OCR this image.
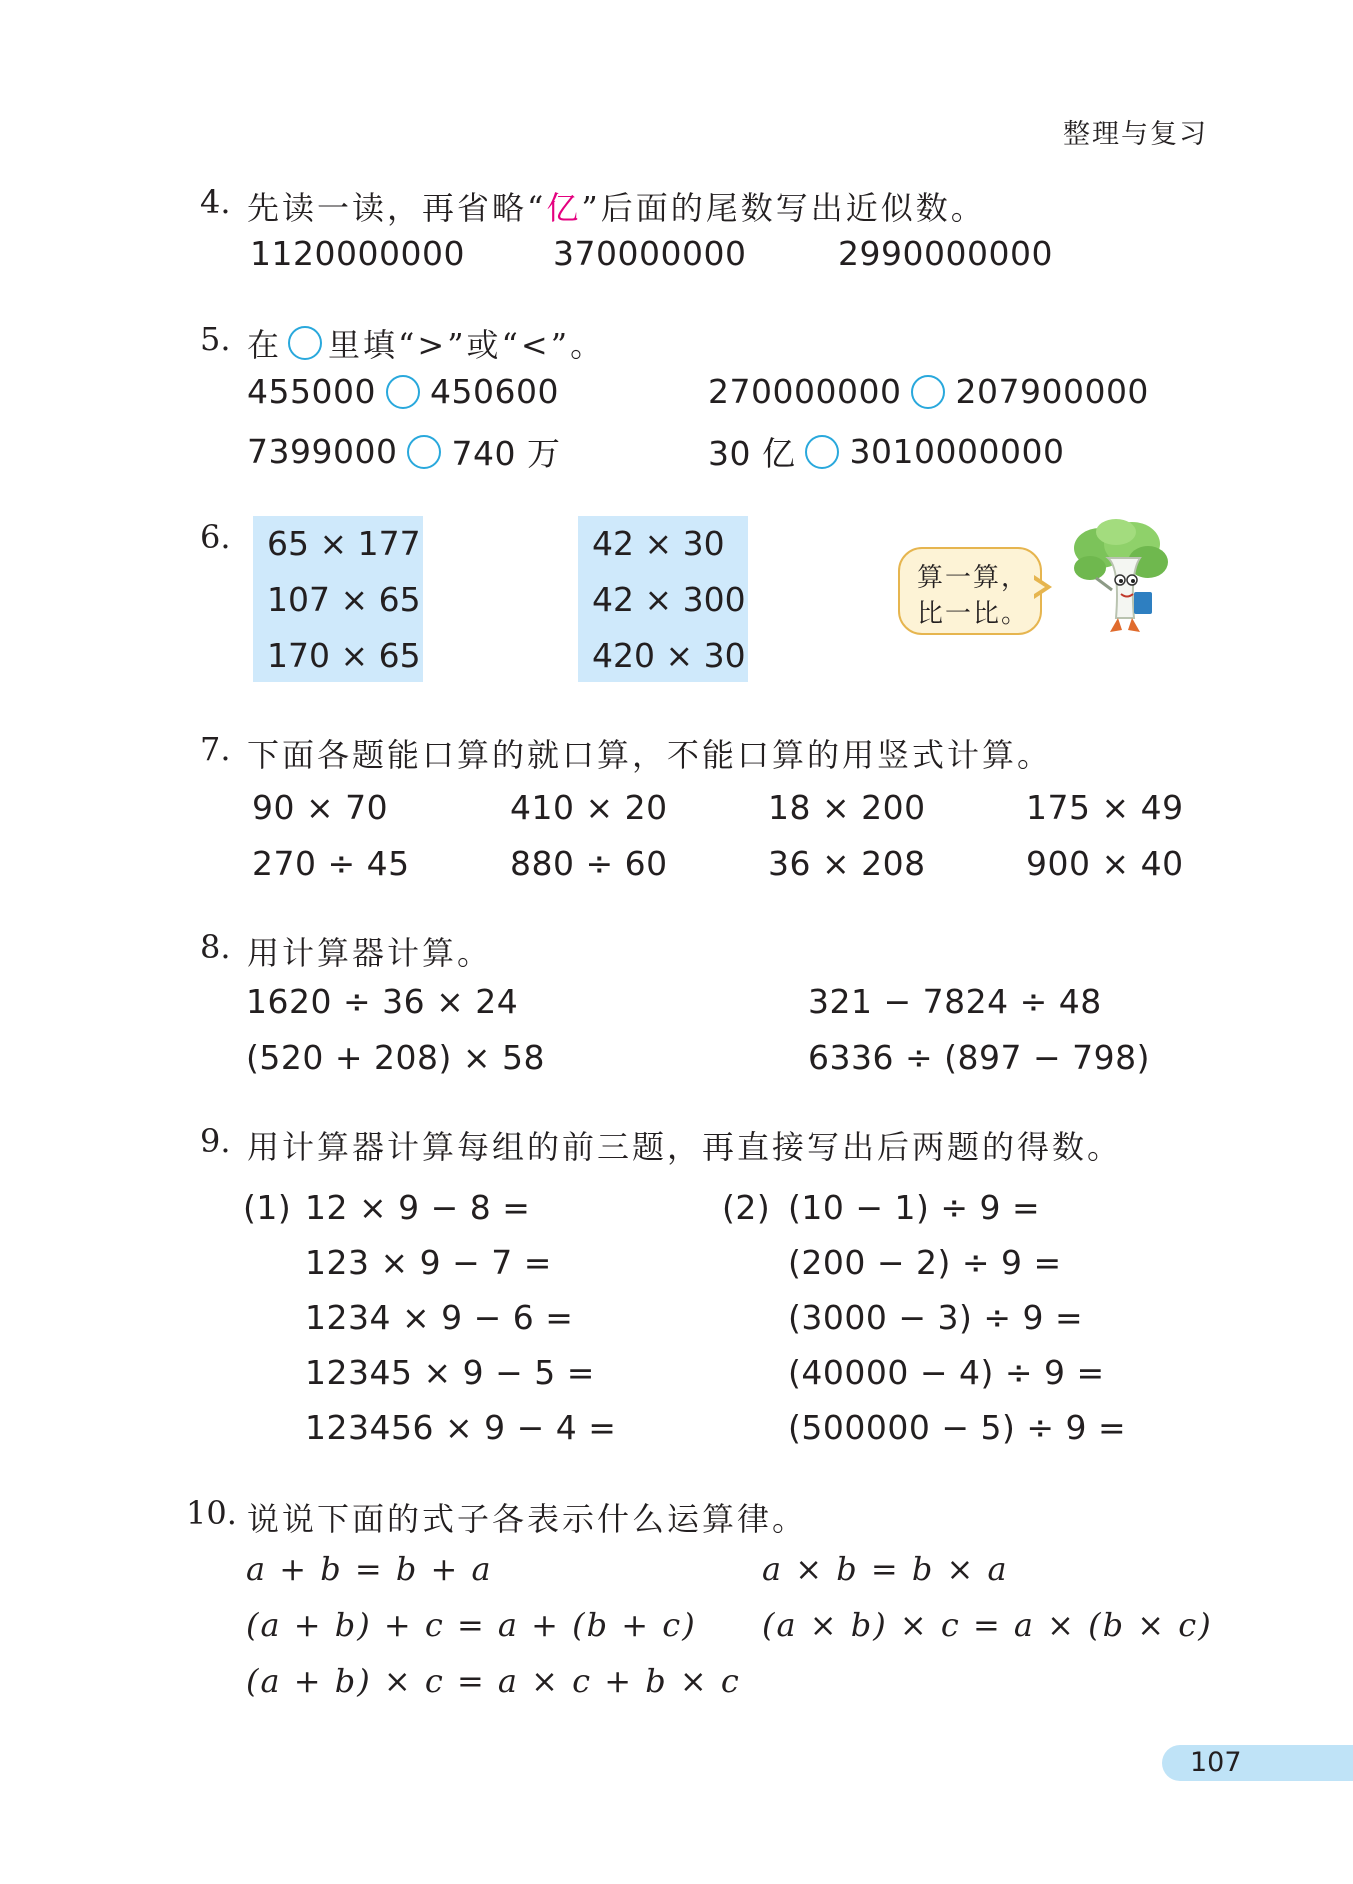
整理与复习
4. 先读一读，再省略“亿”后面的尾数写出近似数。
1120000000	370000000	2990000000
5. 在 里填“>”或“<”。
455000 450600	270000000 207900000
7399000 740 万	30 亿 3010000000
6. 65 × 177
107 × 65
170 × 65
42 × 30
42 × 300
420 × 30
算一算，
比一比。
7. 下面各题能口算的就口算，不能口算的用竖式计算。
90 × 70	410 × 20	18 × 200	175 × 49
270 ÷ 45	880 ÷ 60	36 × 208	900 × 40
8. 用计算器计算。
1620 ÷ 36 × 24	321 − 7824 ÷ 48
(520 + 208) × 58	6336 ÷ (897 − 798)
9. 用计算器计算每组的前三题，再直接写出后两题的得数。
(1) 12 × 9 − 8 =
123 × 9 − 7 =
1234 × 9 − 6 =
12345 × 9 − 5 =
123456 × 9 − 4 =
(2) (10 − 1) ÷ 9 =
(200 − 2) ÷ 9 =
(3000 − 3) ÷ 9 =
(40000 − 4) ÷ 9 =
(500000 − 5) ÷ 9 =
10. 说说下面的式子各表示什么运算律。
a + b = b + a	a × b = b × a
(a + b) + c = a + (b + c) (a × b) × c = a × (b × c)
(a + b) × c = a × c + b × c
107
